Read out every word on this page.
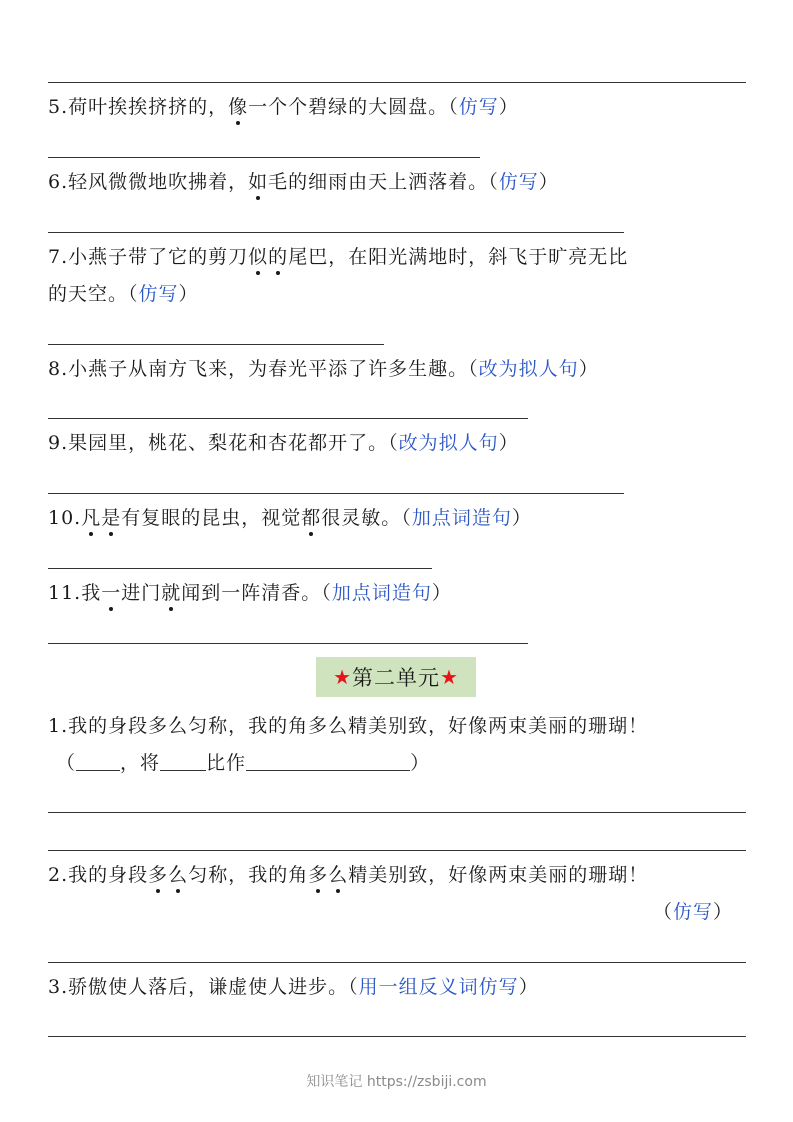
5.荷叶挨挨挤挤的，像一个个碧绿的大圆盘。（仿写）
6.轻风微微地吹拂着，如毛的细雨由天上洒落着。（仿写）
7.小燕子带了它的剪刀似的尾巴，在阳光满地时，斜飞于旷亮无比
的天空。（仿写）
8.小燕子从南方飞来，为春光平添了许多生趣。（改为拟人句）
9.果园里，桃花、梨花和杏花都开了。（改为拟人句）
10.凡是有复眼的昆虫，视觉都很灵敏。（加点词造句）
11.我一进门就闻到一阵清香。（加点词造句）
★ 第二单元 ★
1.我的身段多么匀称，我的角多么精美别致，好像两束美丽的珊瑚！
（ ，将 比作	）
2.我的身段多么匀称，我的角多么精美别致，好像两束美丽的珊瑚！
（仿写）
3.骄傲使人落后，谦虚使人进步。（用一组反义词仿写）
知识笔记 https://zsbiji.com
